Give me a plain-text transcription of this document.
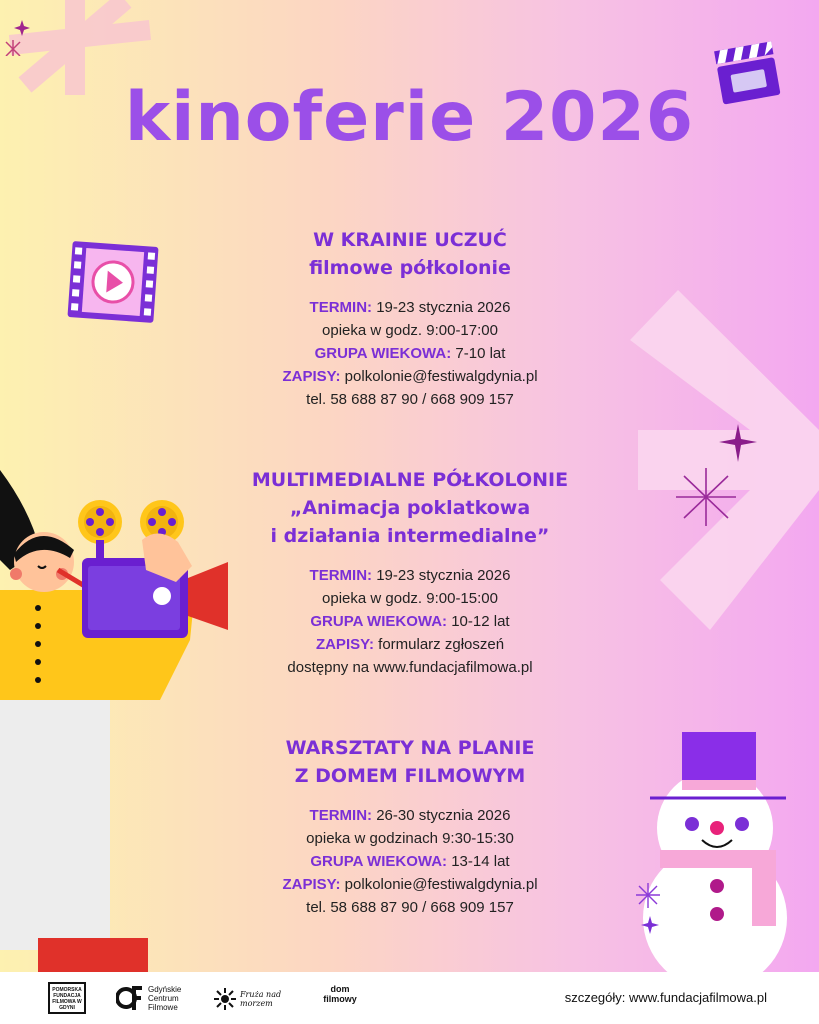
kinoferie 2026
W KRAINIE UCZUĆ
filmowe półkolonie
TERMIN: 19-23 stycznia 2026
opieka w godz. 9:00-17:00
GRUPA WIEKOWA: 7-10 lat
ZAPISY: polkolonie@festiwalgdynia.pl
tel. 58 688 87 90 / 668 909 157
MULTIMEDIALNE PÓŁKOLONIE
„Animacja poklatkowa
i działania intermedialne”
TERMIN: 19-23 stycznia 2026
opieka w godz. 9:00-15:00
GRUPA WIEKOWA: 10-12 lat
ZAPISY: formularz zgłoszeń
dostępny na www.fundacjafilmowa.pl
WARSZTATY NA PLANIE
Z DOMEM FILMOWYM
TERMIN: 26-30 stycznia 2026
opieka w godzinach 9:30-15:30
GRUPA WIEKOWA: 13-14 lat
ZAPISY: polkolonie@festiwalgdynia.pl
tel. 58 688 87 90 / 668 909 157
POMORSKA FUNDACJA FILMOWA W GDYNI
Gdyńskie Centrum Filmowe
Fruża nad morzem
dom filmowy	szczegóły: www.fundacjafilmowa.pl
